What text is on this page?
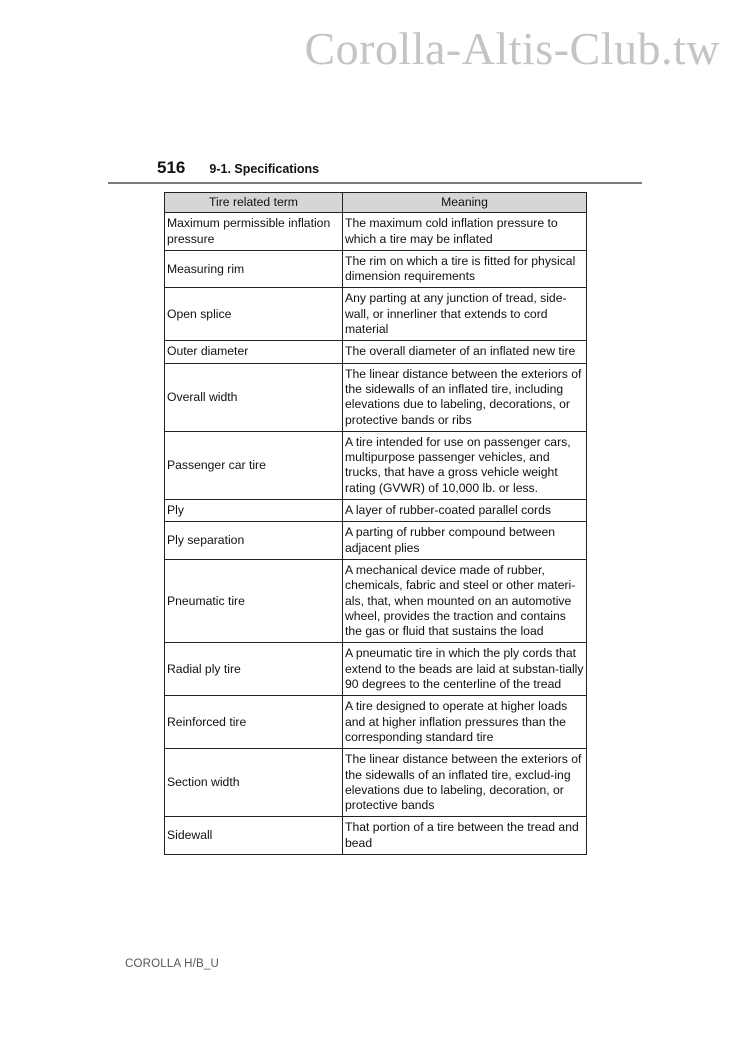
Corolla-Altis-Club.tw
516 9-1. Specifications
Tire related term	Meaning
Maximum permissible inflation pressure	The maximum cold inflation pressure to which a tire may be inflated
Measuring rim	The rim on which a tire is fitted for physical dimension requirements
Open splice	Any parting at any junction of tread, side-wall, or innerliner that extends to cord material
Outer diameter	The overall diameter of an inflated new tire
Overall width	The linear distance between the exteriors of the sidewalls of an inflated tire, including elevations due to labeling, decorations, or protective bands or ribs
Passenger car tire	A tire intended for use on passenger cars, multipurpose passenger vehicles, and trucks, that have a gross vehicle weight rating (GVWR) of 10,000 lb. or less.
Ply	A layer of rubber-coated parallel cords
Ply separation	A parting of rubber compound between adjacent plies
Pneumatic tire	A mechanical device made of rubber, chemicals, fabric and steel or other materi-als, that, when mounted on an automotive wheel, provides the traction and contains the gas or fluid that sustains the load
Radial ply tire	A pneumatic tire in which the ply cords that extend to the beads are laid at substan-tially 90 degrees to the centerline of the tread
Reinforced tire	A tire designed to operate at higher loads and at higher inflation pressures than the corresponding standard tire
Section width	The linear distance between the exteriors of the sidewalls of an inflated tire, exclud-ing elevations due to labeling, decoration, or protective bands
Sidewall	That portion of a tire between the tread and bead
COROLLA H/B_U
